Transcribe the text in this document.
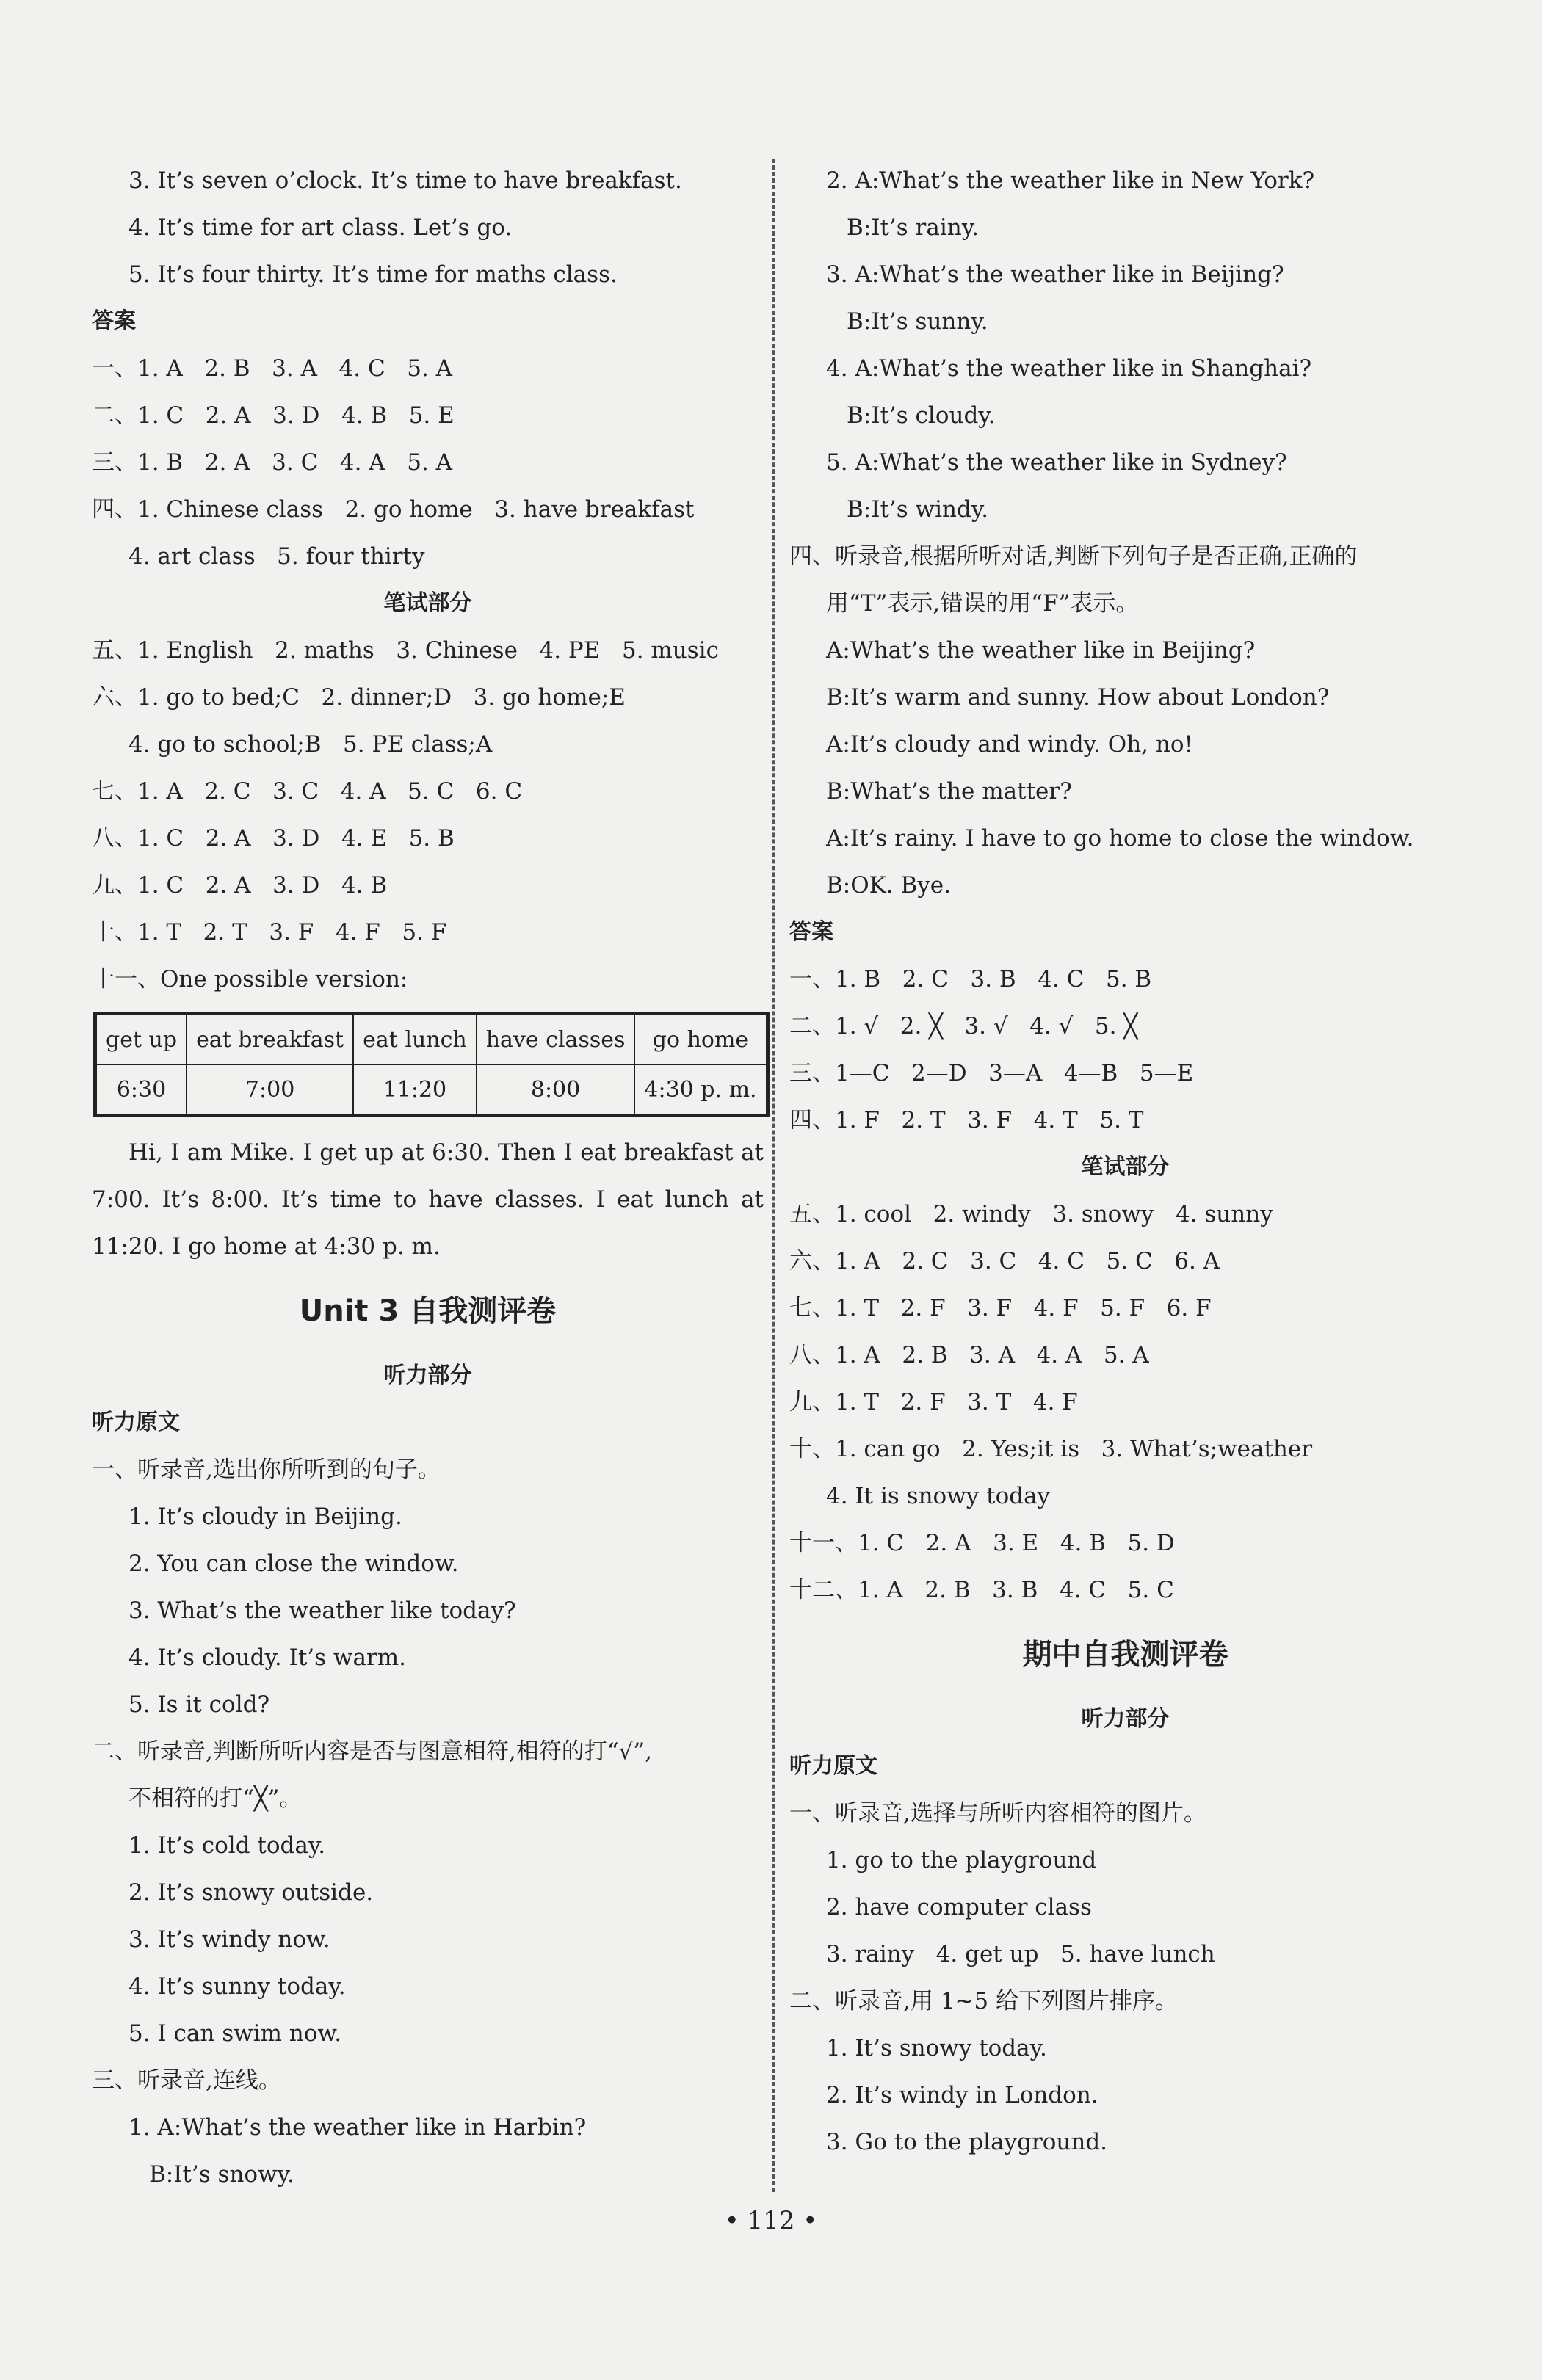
3. It’s seven o’clock. It’s time to have breakfast.
4. It’s time for art class. Let’s go.
5. It’s four thirty. It’s time for maths class.
答案
一、1. A   2. B   3. A   4. C   5. A
二、1. C   2. A   3. D   4. B   5. E
三、1. B   2. A   3. C   4. A   5. A
四、1. Chinese class   2. go home   3. have breakfast
4. art class   5. four thirty
笔试部分
五、1. English   2. maths   3. Chinese   4. PE   5. music
六、1. go to bed;C   2. dinner;D   3. go home;E
4. go to school;B   5. PE class;A
七、1. A   2. C   3. C   4. A   5. C   6. C
八、1. C   2. A   3. D   4. E   5. B
九、1. C   2. A   3. D   4. B
十、1. T   2. T   3. F   4. F   5. F
十一、One possible version:
get up	eat breakfast	eat lunch	have classes	go home
6:30	7:00	11:20	8:00	4:30 p. m.
Hi, I am Mike. I get up at 6:30. Then I eat breakfast at
7:00. It’s 8:00. It’s time to have classes. I eat lunch at
11:20. I go home at 4:30 p. m.
Unit 3 自我测评卷
听力部分
听力原文
一、听录音,选出你所听到的句子。
1. It’s cloudy in Beijing.
2. You can close the window.
3. What’s the weather like today?
4. It’s cloudy. It’s warm.
5. Is it cold?
二、听录音,判断所听内容是否与图意相符,相符的打“√”,
不相符的打“╳”。
1. It’s cold today.
2. It’s snowy outside.
3. It’s windy now.
4. It’s sunny today.
5. I can swim now.
三、听录音,连线。
1. A:What’s the weather like in Harbin?
B:It’s snowy.
2. A:What’s the weather like in New York?
B:It’s rainy.
3. A:What’s the weather like in Beijing?
B:It’s sunny.
4. A:What’s the weather like in Shanghai?
B:It’s cloudy.
5. A:What’s the weather like in Sydney?
B:It’s windy.
四、听录音,根据所听对话,判断下列句子是否正确,正确的
用“T”表示,错误的用“F”表示。
A:What’s the weather like in Beijing?
B:It’s warm and sunny. How about London?
A:It’s cloudy and windy. Oh, no!
B:What’s the matter?
A:It’s rainy. I have to go home to close the window.
B:OK. Bye.
答案
一、1. B   2. C   3. B   4. C   5. B
二、1. √   2. ╳   3. √   4. √   5. ╳
三、1—C   2—D   3—A   4—B   5—E
四、1. F   2. T   3. F   4. T   5. T
笔试部分
五、1. cool   2. windy   3. snowy   4. sunny
六、1. A   2. C   3. C   4. C   5. C   6. A
七、1. T   2. F   3. F   4. F   5. F   6. F
八、1. A   2. B   3. A   4. A   5. A
九、1. T   2. F   3. T   4. F
十、1. can go   2. Yes;it is   3. What’s;weather
4. It is snowy today
十一、1. C   2. A   3. E   4. B   5. D
十二、1. A   2. B   3. B   4. C   5. C
期中自我测评卷
听力部分
听力原文
一、听录音,选择与所听内容相符的图片。
1. go to the playground
2. have computer class
3. rainy   4. get up   5. have lunch
二、听录音,用 1~5 给下列图片排序。
1. It’s snowy today.
2. It’s windy in London.
3. Go to the playground.
• 112 •
